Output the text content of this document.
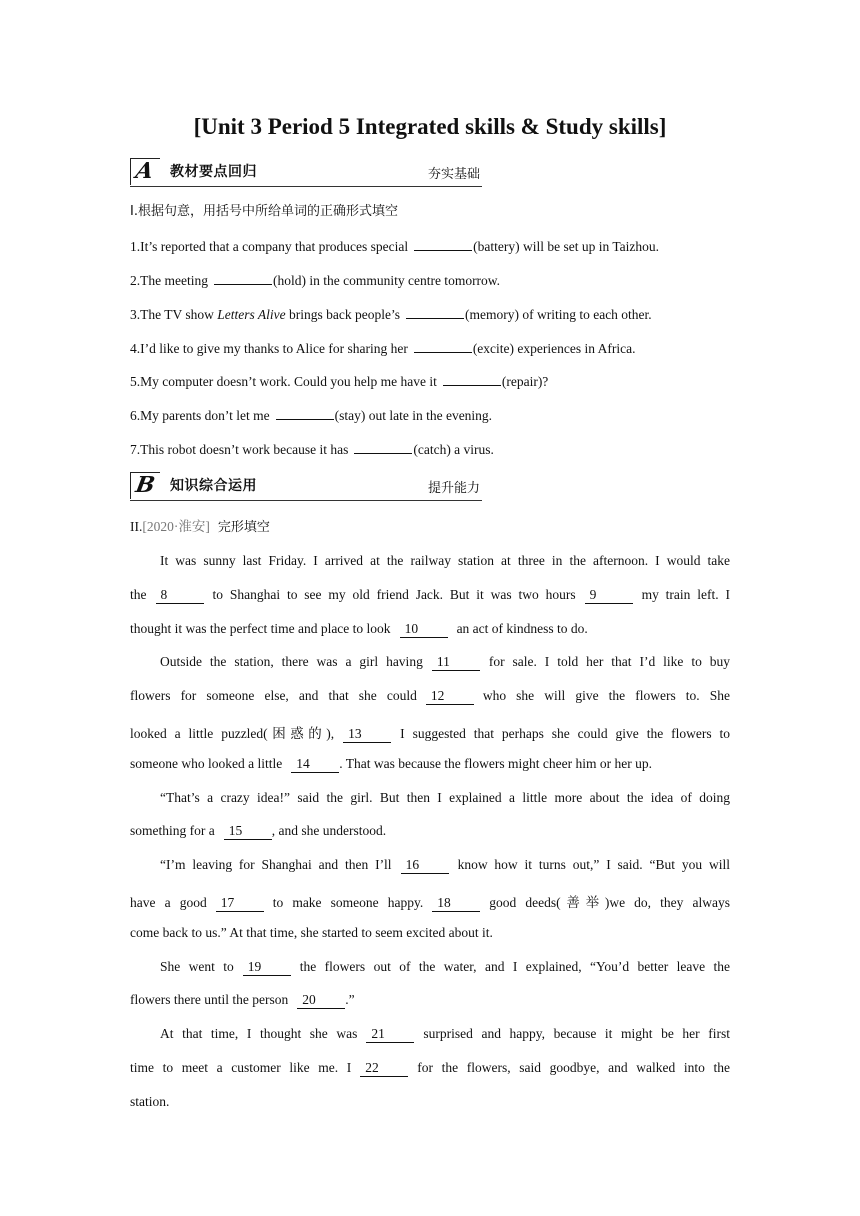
[Unit 3 Period 5 Integrated skills & Study skills]
A 教材要点回归	夯实基础
I.根据句意，用括号中所给单词的正确形式填空
1.It’s reported that a company that produces special	(battery) will be set up in Taizhou.
2.The meeting	(hold) in the community centre tomorrow.
3.The TV show Letters Alive brings back people’s	(memory) of writing to each other.
4.I’d like to give my thanks to Alice for sharing her	(excite) experiences in Africa.
5.My computer doesn’t work. Could you help me have it	(repair)?
6.My parents don’t let me	(stay) out late in the evening.
7.This robot doesn’t work because it has	(catch) a virus.
B 知识综合运用	提升能力
II.[2020·淮安] 完形填空
It was sunny last Friday. I arrived at the railway station at three in the afternoon. I would take
the 8	to Shanghai to see my old friend Jack. But it was two hours 9	my train left. I
thought it was the perfect time and place to look 10	an act of kindness to do.
Outside the station, there was a girl having 11	for sale. I told her that I’d like to buy
flowers for someone else, and that she could 12	who she will give the flowers to. She
looked a little puzzled(困惑的), 13	I suggested that perhaps she could give the flowers to
someone who looked a little 14 . That was because the flowers might cheer him or her up.
“That’s a crazy idea!” said the girl. But then I explained a little more about the idea of doing
something for a 15 , and she understood.
“I’m leaving for Shanghai and then I’ll 16	know how it turns out,” I said. “But you will
have a good 17	to make someone happy. 18	good deeds(善举)we do, they always
come back to us.” At that time, she started to seem excited about it.
She went to 19	the flowers out of the water, and I explained, “You’d better leave the
flowers there until the person 20 .”
At that time, I thought she was 21	surprised and happy, because it might be her first
time to meet a customer like me. I 22	for the flowers, said goodbye, and walked into the
station.
